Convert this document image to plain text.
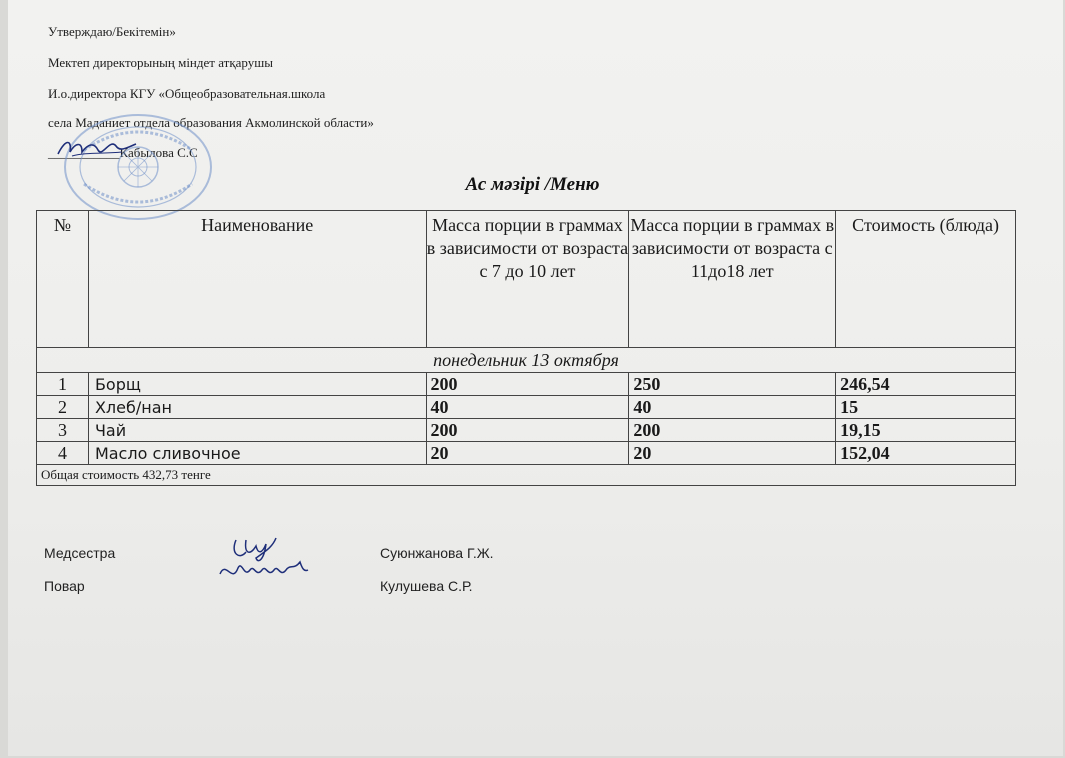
Утверждаю/Бекітемін»
Мектеп директорының міндет атқарушы
И.о.директора КГУ «Общеобразовательная.школа
села Маданиет отдела образования Акмолинской области»
___________Кабылова С.С
Ас мәзірі /Меню
№	Наименование	Масса порции в граммах в зависимости от возраста с 7 до 10 лет	Масса порции в граммах в зависимости от возраста с 11до18 лет	Стоимость (блюда)
понедельник 13 октября				
1	Борщ	200	250	246,54
2	Хлеб/нан	40	40	15
3	Чай	200	200	19,15
4	Масло сливочное	20	20	152,04
Общая стоимость 432,73 тенге				
Медсестра	Суюнжанова Г.Ж.
Повар	Кулушева С.Р.
